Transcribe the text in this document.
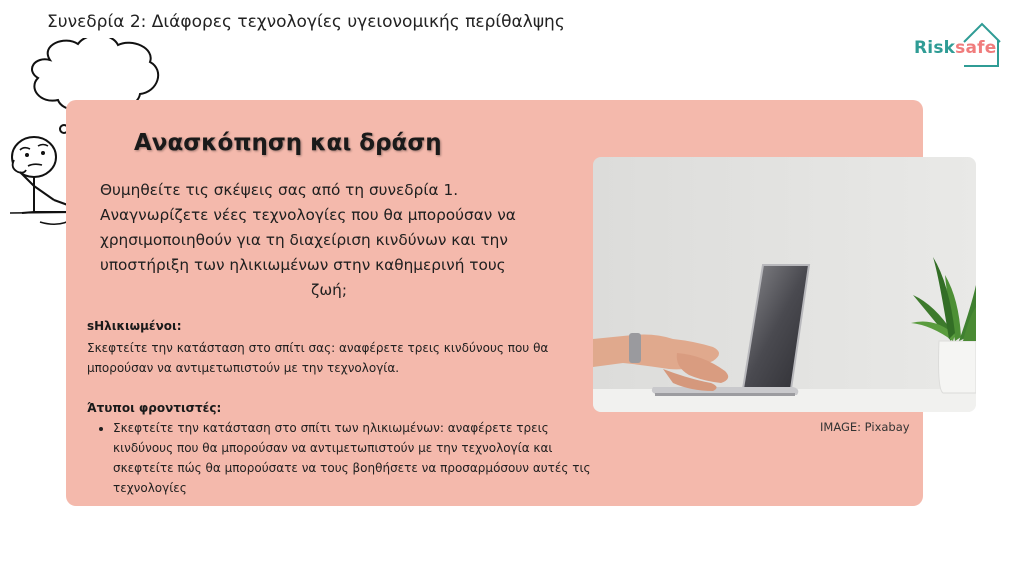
Συνεδρία 2: Διάφορες τεχνολογίες υγειονομικής περίθαλψης
Risksafe
Ανασκόπηση και δράση
Θυμηθείτε τις σκέψεις σας από τη συνεδρία 1.
Αναγνωρίζετε νέες τεχνολογίες που θα μπορούσαν να
χρησιμοποιηθούν για τη διαχείριση κινδύνων και την
υποστήριξη των ηλικιωμένων στην καθημερινή τους
ζωή;
sΗλικιωμένοι:
Σκεφτείτε την κατάσταση στο σπίτι σας: αναφέρετε τρεις κινδύνους που θα μπορούσαν να αντιμετωπιστούν με την τεχνολογία.
Άτυποι φροντιστές:
• Σκεφτείτε την κατάσταση στο σπίτι των ηλικιωμένων: αναφέρετε τρεις κινδύνους που θα μπορούσαν να αντιμετωπιστούν με την τεχνολογία και σκεφτείτε πώς θα μπορούσατε να τους βοηθήσετε να προσαρμόσουν αυτές τις τεχνολογίες
IMAGE: Pixabay
